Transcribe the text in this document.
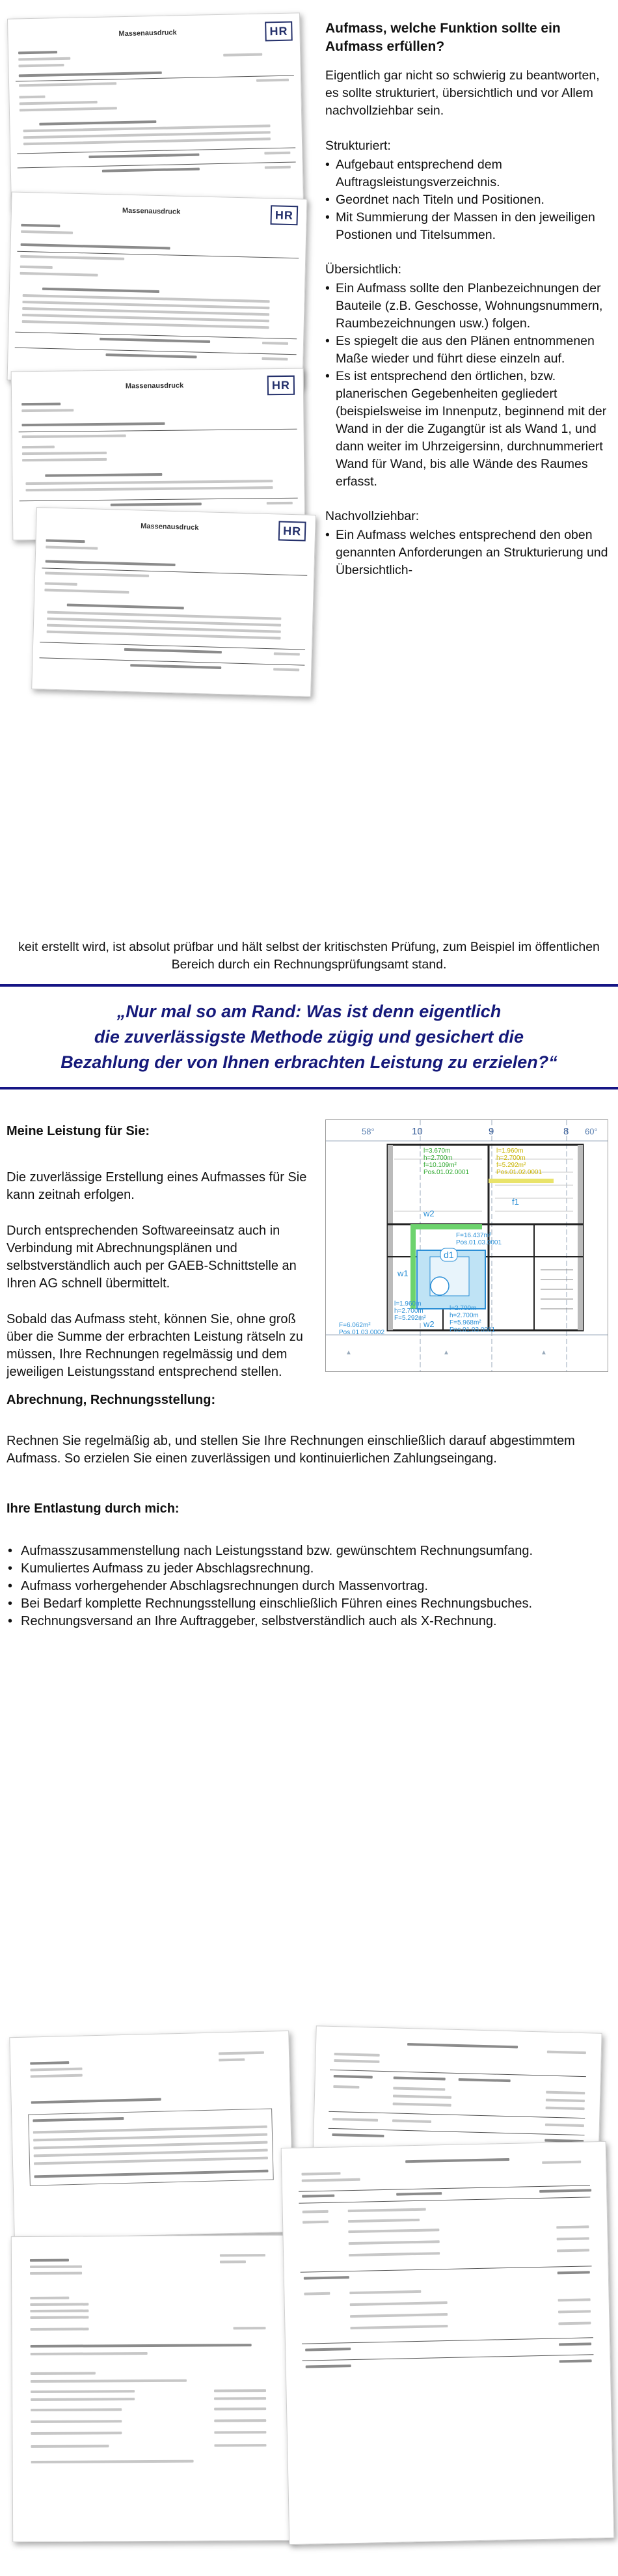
Massenausdruck	HR
Massenausdruck	HR
Massenausdruck	HR
Massenausdruck	HR
Aufmass, welche Funktion sollte ein Aufmass erfüllen?

Eigentlich gar nicht so schwierig zu beantworten, es sollte strukturiert, übersichtlich und vor Allem nachvollziehbar sein.

Strukturiert:
• Aufgebaut entsprechend dem Auftragsleistungsverzeichnis.
• Geordnet nach Titeln und Positionen.
• Mit Summierung der Massen in den jeweiligen Postionen und Titelsummen.
Übersichtlich:
• Ein Aufmass sollte den Planbezeichnungen der Bauteile (z.B. Geschosse, Wohnungsnummern, Raumbezeichnungen usw.) folgen.
• Es spiegelt die aus den Plänen entnommenen Maße wieder und führt diese einzeln auf.
• Es ist entsprechend den örtlichen, bzw. planerischen Gegebenheiten gegliedert (beispielsweise im Innenputz, beginnend mit der Wand in der die Zugangtür ist als Wand 1, und dann weiter im Uhrzeigersinn, durchnummeriert Wand für Wand, bis alle Wände des Raumes erfasst.
Nachvollziehbar:
• Ein Aufmass welches entsprechend den oben genannten Anforderungen an Strukturierung und Übersichtlich-
keit erstellt wird, ist absolut prüfbar und hält selbst der kritischsten Prüfung, zum Beispiel im öffentlichen Bereich durch ein Rechnungsprüfungsamt stand.
„Nur mal so am Rand: Was ist denn eigentlich
die zuverlässigste Methode zügig und gesichert die
Bezahlung der von Ihnen erbrachten Leistung zu erzielen?“
Meine Leistung für Sie:

Die zuverlässige Erstellung eines Aufmasses für Sie kann zeitnah erfolgen.

Durch entsprechenden Softwareeinsatz auch in Verbindung mit Abrechnungsplänen und selbstverständlich auch per GAEB-Schnittstelle an Ihren AG schnell übermittelt.

Sobald das Aufmass steht, können Sie, ohne groß über die Summe der erbrachten Leistung rätseln zu müssen, Ihre Rechnungen regelmässig und dem jeweiligen Leistungsstand entsprechend stellen.

58°	10	9	8 60°
d1
w1
w2
w2
f1
l=3.670m
h=2.700m
f=10.109m²
Pos.01.02.0001
l=1.960m
h=2.700m
f=5.292m²
Pos.01.02.0001
F=16.437m²
Pos.01.03.0001
l=1.960m
h=2.700m
F=5.292m²
F=6.062m²
Pos.01.03.0002
l=2.700m
h=2.700m
F=5.968m²
Pos.01.03.0001
▲	▲	▲
Abrechnung, Rechnungsstellung:

Rechnen Sie regelmäßig ab, und stellen Sie Ihre Rechnungen einschließlich darauf abgestimmtem Aufmass. So erzielen Sie einen zuverlässigen und kontinuierlichen Zahlungseingang.

Ihre Entlastung durch mich:
• Aufmasszusammenstellung nach Leistungsstand bzw. gewünschtem Rechnungsumfang.
• Kumuliertes Aufmass zu jeder Abschlagsrechnung.
• Aufmass vorhergehender Abschlagsrechnungen durch Massenvortrag.
• Bei Bedarf komplette Rechnungsstellung einschließlich Führen eines Rechnungsbuches.
• Rechnungsversand an Ihre Auftraggeber, selbstverständlich auch als X-Rechnung.
